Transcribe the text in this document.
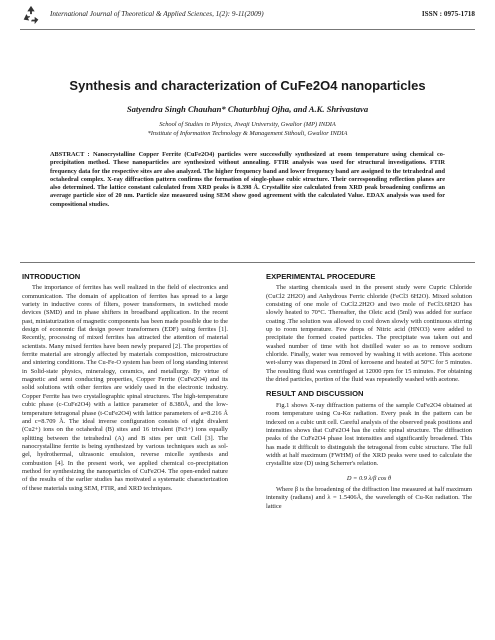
International Journal of Theoretical & Applied Sciences, 1(2): 9-11(2009)	ISSN : 0975-1718
Synthesis and characterization of CuFe2O4 nanoparticles
Satyendra Singh Chauhan* Chaturbhuj Ojha, and A.K. Shrivastava
School of Studies in Physics, Jiwaji University, Gwalior (MP) INDIA
*Institute of Information Technology & Management Sithouli, Gwalior INDIA
ABSTRACT : Nanocrystalline Copper Ferrite (CuFe2O4) particles were successfully synthesized at room temperature using chemical co-precipitation method. These nanoparticles are synthesized without annealing. FTIR analysis was used for structural investigations. FTIR frequency data for the respective sites are also analyzed. The higher frequency band and lower frequency band are assigned to the tetrahedral and octahedral complex. X-ray diffraction pattern confirms the formation of single-phase cubic structure. Their corresponding reflection planes are also determined. The lattice constant calculated from XRD peaks is 8.398 Å. Crystallite size calculated from XRD peak broadening confirms an average particle size of 20 nm. Particle size measured using SEM show good agreement with the calculated Value. EDAX analysis was used for compositional studies.
INTRODUCTION

The importance of ferrites has well realized in the field of electronics and communication. The domain of application of ferrites has spread to a large variety in inductive cores of filters, power transformers, in switched mode devices (SMD) and in phase shifters in broadband application. In the recent past, miniaturization of magnetic components has been made possible due to the design of economic flat design power transformers (EDF) using ferrites [1]. Recently, processing of mixed ferrites has attracted the attention of material scientists. Many mixed ferrites have been newly prepared [2]. The properties of ferrite material are strongly affected by materials composition, microstructure and sintering conditions. The Cu-Fe-O system has been of long standing interest in Solid-state physics, mineralogy, ceramics, and metallurgy. By virtue of magnetic and semi conducting properties, Copper Ferrite (CuFe2O4) and its solid solutions with other ferrites are widely used in the electronic industry. Copper Ferrite has two crystallographic spinal structures. The high-temperature cubic phase (c-CuFe2O4) with a lattice parameter of 8.380Å, and the low-temperature tetragonal phase (t-CuFe2O4) with lattice parameters of a=8.216 Å and c=8.709 Å. The ideal inverse configuration consists of eight divalent (Cu2+) ions on the octahedral (B) sites and 16 trivalent (Fe3+) ions equally splitting between the tetrahedral (A) and B sites per unit Cell [3]. The nanocrystalline ferrite is being synthesized by various techniques such as sol-gel, hydrothermal, ultrasonic emulsion, reverse micelle synthesis and combustion [4]. In the present work, we applied chemical co-precipitation method for synthesizing the nanoparticles of CuFe2O4. The open-ended nature of the results of the earlier studies has motivated a systematic characterization of these materials using SEM, FTIR, and XRD techniques.

EXPERIMENTAL PROCEDURE

The starting chemicals used in the present study were Cupric Chloride (CuCl2 2H2O) and Anhydrous Ferric chloride (FeCl3 6H2O). Mixed solution consisting of one mole of CuCl2.2H2O and two mole of FeCl3.6H2O has slowly heated to 70°C. Thereafter, the Oleic acid (5ml) was added for surface coating .The solution was allowed to cool down slowly with continuous stirring up to room temperature. Few drops of Nitric acid (HNO3) were added to precipitate the formed coated particles. The precipitate was taken out and washed number of time with hot distilled water so as to remove sodium chloride. Finally, water was removed by washing it with acetone. This acetone wet-slurry was dispersed in 20ml of kerosene and heated at 50°C for 5 minutes. The resulting fluid was centrifuged at 12000 rpm for 15 minutes. For obtaining the dried particles, portion of the fluid was repeatedly washed with acetone.

RESULT AND DISCUSSION

Fig.1 shows X-ray diffraction patterns of the sample CuFe2O4 obtained at room temperature using Cu-Kα radiation. Every peak in the pattern can be indexed on a cubic unit cell. Careful analysis of the observed peak positions and intensities shows that CuFe2O4 has the cubic spinal structure. The diffraction peaks of the CuFe2O4 phase lost intensities and significantly broadened. This has made it difficult to distinguish the tetragonal from cubic structure. The full width at half maximum (FWHM) of the XRD peaks were used to calculate the crystallite size (D) using Scherrer's relation.

D = 0.9 λ/β cos θ

Where β is the broadening of the diffraction line measured at half maximum intensity (radians) and λ = 1.5406Å, the wavelength of Cu-Kα radiation. The lattice
